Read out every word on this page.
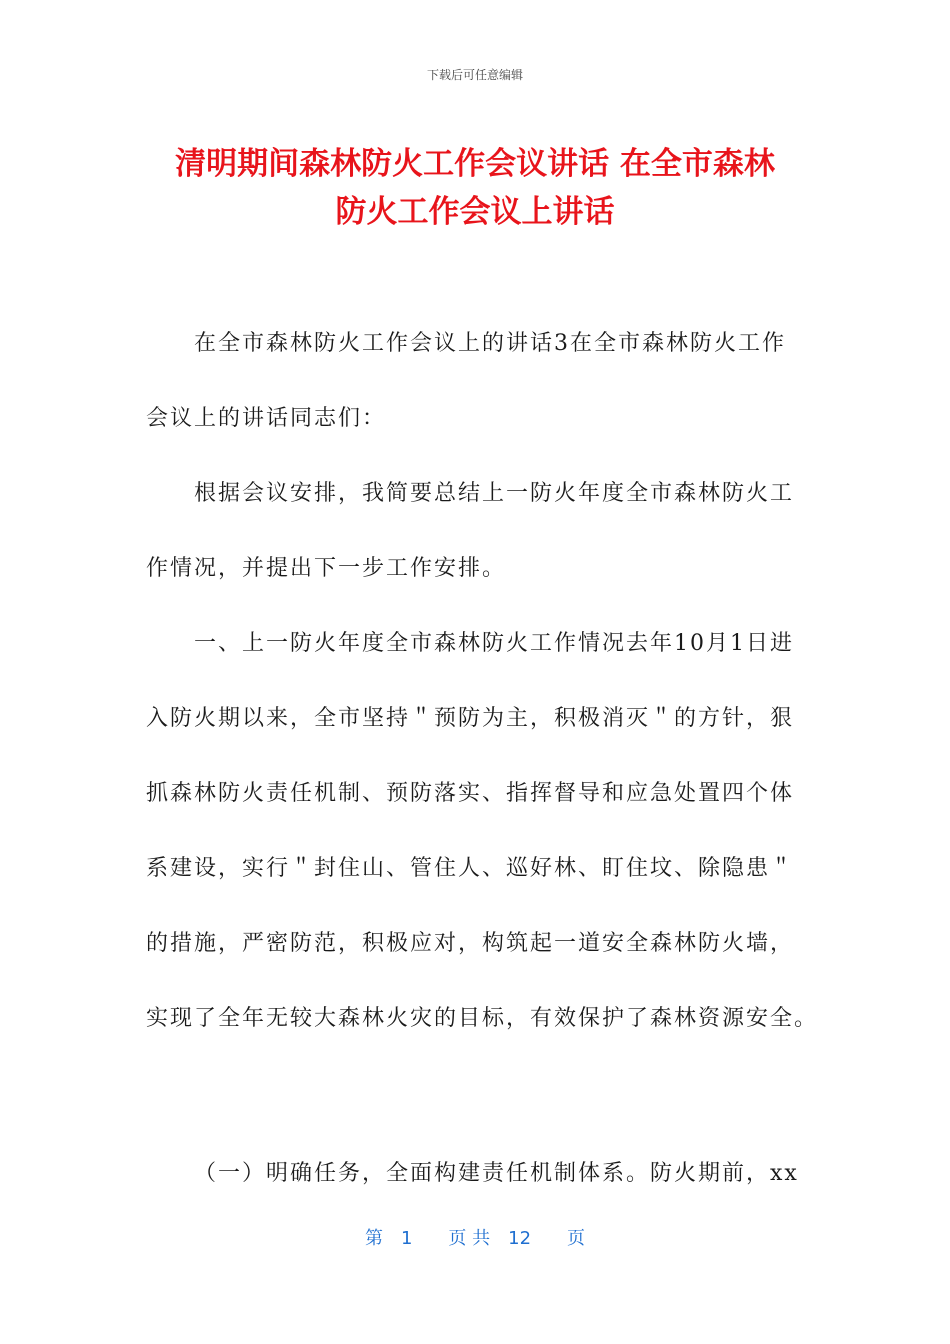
下载后可任意编辑
清明期间森林防火工作会议讲话 在全市森林
防火工作会议上讲话
在全市森林防火工作会议上的讲话3在全市森林防火工作
会议上的讲话同志们：
根据会议安排，我简要总结上一防火年度全市森林防火工
作情况，并提出下一步工作安排。
一、上一防火年度全市森林防火工作情况去年10月1日进
入防火期以来，全市坚持＂预防为主，积极消灭＂的方针，狠
抓森林防火责任机制、预防落实、指挥督导和应急处置四个体
系建设，实行＂封住山、管住人、巡好林、盯住坟、除隐患＂
的措施，严密防范，积极应对，构筑起一道安全森林防火墙，
实现了全年无较大森林火灾的目标，有效保护了森林资源安全。
（一）明确任务，全面构建责任机制体系。防火期前，xx
第　1　　页 共　12　　页
